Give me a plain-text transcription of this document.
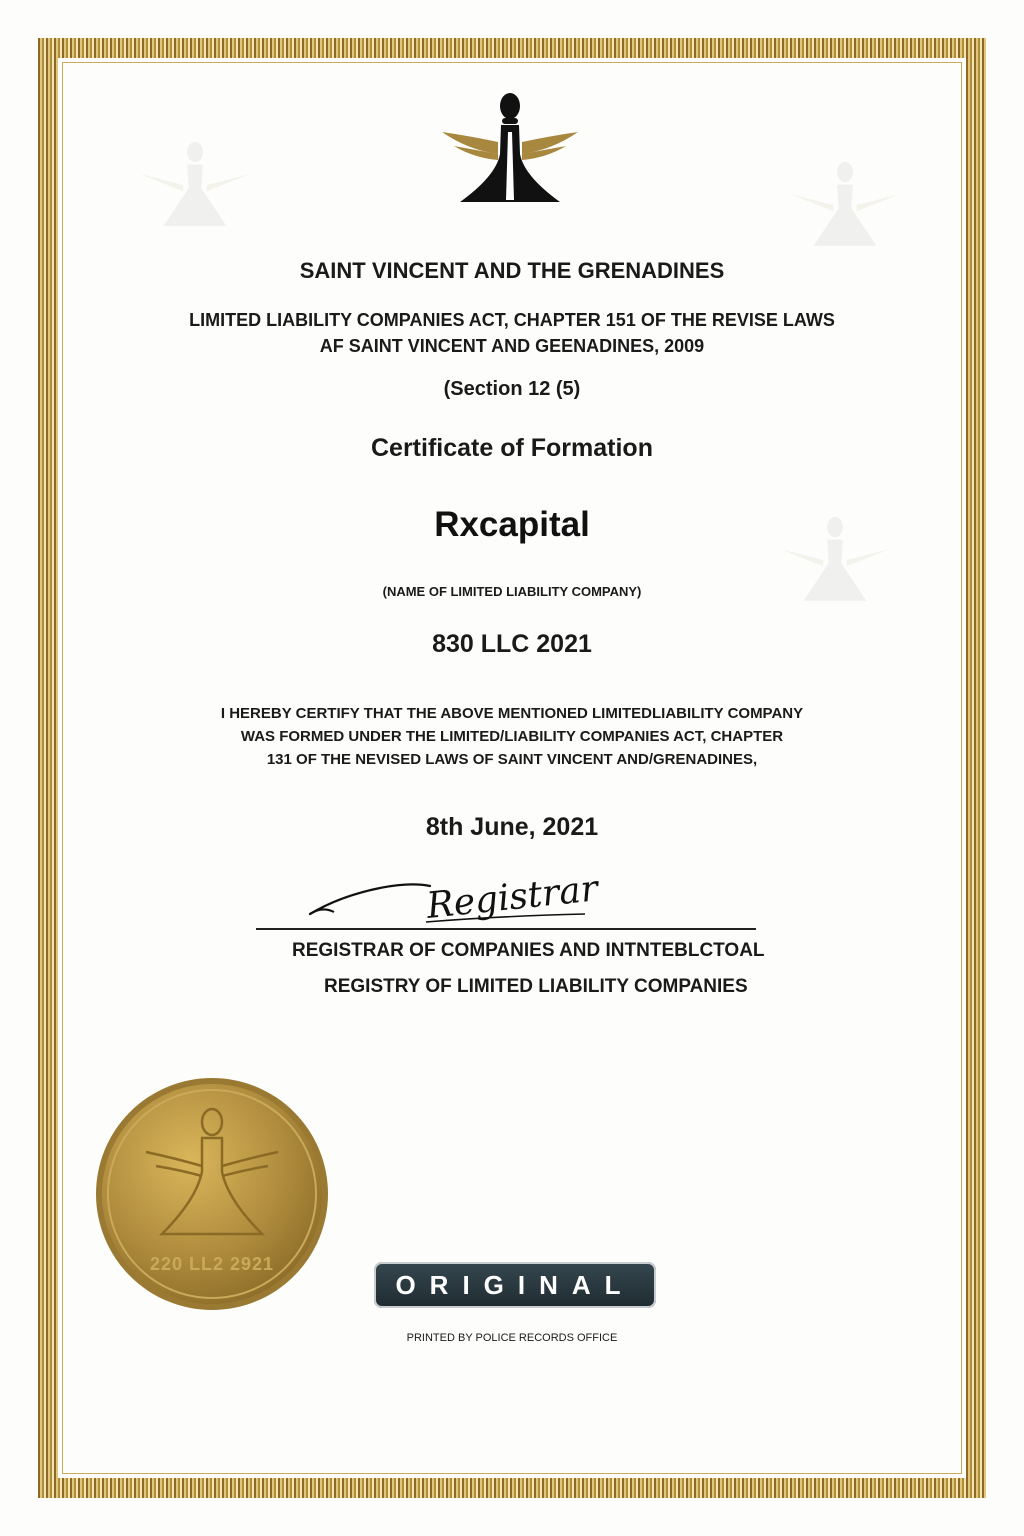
SAINT VINCENT AND THE GRENADINES
LIMITED LIABILITY COMPANIES ACT, CHAPTER 151 OF THE REVISE LAWS
AF SAINT VINCENT AND GEENADINES, 2009
(Section 12 (5)
Certificate of Formation
Rxcapital
(NAME OF LIMITED LIABILITY COMPANY)
830 LLC 2021
I HEREBY CERTIFY THAT THE ABOVE MENTIONED LIMITEDLIABILITY COMPANY
WAS FORMED UNDER THE LIMITED/LIABILITY COMPANIES ACT, CHAPTER
131 OF THE NEVISED LAWS OF SAINT VINCENT AND/GRENADINES,
8th June, 2021
Registrar
REGISTRAR OF COMPANIES AND INTNTEBLCTOAL
REGISTRY OF LIMITED LIABILITY COMPANIES
220 LL2 2921
ORIGINAL
PRINTED BY POLICE RECORDS OFFICE
